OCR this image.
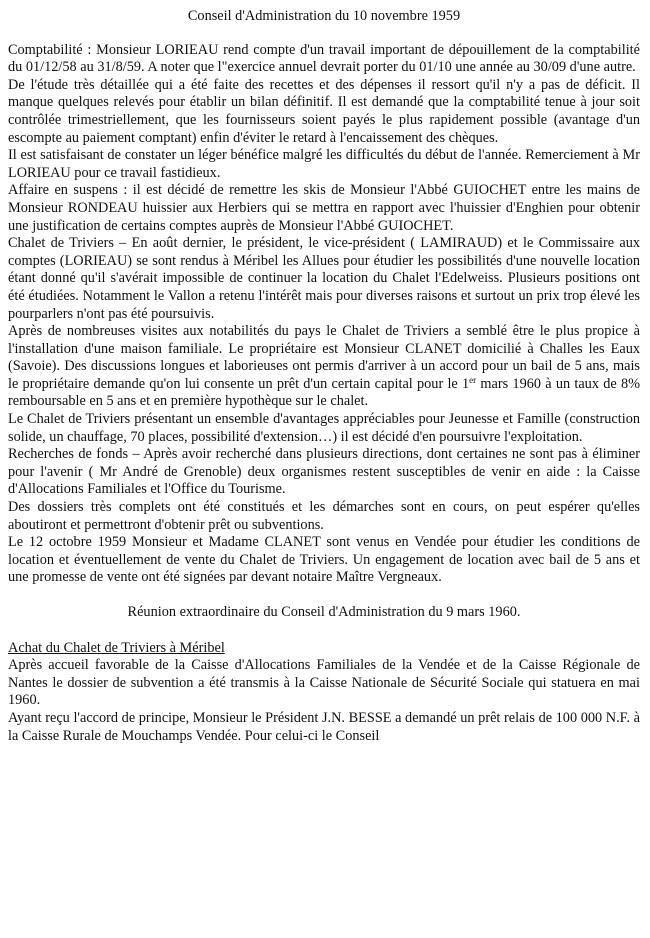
Conseil d'Administration du 10 novembre 1959

Comptabilité : Monsieur LORIEAU rend compte d'un travail important de dépouillement de la comptabilité du 01/12/58 au 31/8/59. A noter que l"exercice annuel devrait porter du 01/10 une année au 30/09 d'une autre.

De l'étude très détaillée qui a été faite des recettes et des dépenses il ressort qu'il n'y a pas de déficit. Il manque quelques relevés pour établir un bilan définitif. Il est demandé que la comptabilité tenue à jour soit contrôlée trimestriellement, que les fournisseurs soient payés le plus rapidement possible (avantage d'un escompte au paiement comptant) enfin d'éviter le retard à l'encaissement des chèques.

Il est satisfaisant de constater un léger bénéfice malgré les difficultés du début de l'année. Remerciement à Mr LORIEAU pour ce travail fastidieux.

Affaire en suspens : il est décidé de remettre les skis de Monsieur l'Abbé GUIOCHET entre les mains de Monsieur RONDEAU huissier aux Herbiers qui se mettra en rapport avec l'huissier d'Enghien pour obtenir une justification de certains comptes auprès de Monsieur l'Abbé GUIOCHET.

Chalet de Triviers – En août dernier, le président, le vice-président ( LAMIRAUD) et le Commissaire aux comptes (LORIEAU) se sont rendus à Méribel les Allues pour étudier les possibilités d'une nouvelle location étant donné qu'il s'avérait impossible de continuer la location du Chalet l'Edelweiss. Plusieurs positions ont été étudiées. Notamment le Vallon a retenu l'intérêt mais pour diverses raisons et surtout un prix trop élevé les pourparlers n'ont pas été poursuivis.

Après de nombreuses visites aux notabilités du pays le Chalet de Triviers a semblé être le plus propice à l'installation d'une maison familiale. Le propriétaire est Monsieur CLANET domicilié à Challes les Eaux (Savoie). Des discussions longues et laborieuses ont permis d'arriver à un accord pour un bail de 5 ans, mais le propriétaire demande qu'on lui consente un prêt d'un certain capital pour le 1er mars 1960 à un taux de 8% remboursable en 5 ans et en première hypothèque sur le chalet.

Le Chalet de Triviers présentant un ensemble d'avantages appréciables pour Jeunesse et Famille (construction solide, un chauffage, 70 places, possibilité d'extension…) il est décidé d'en poursuivre l'exploitation.

Recherches de fonds – Après avoir recherché dans plusieurs directions, dont certaines ne sont pas à éliminer pour l'avenir ( Mr André de Grenoble) deux organismes restent susceptibles de venir en aide : la Caisse d'Allocations Familiales et l'Office du Tourisme.

Des dossiers très complets ont été constitués et les démarches sont en cours, on peut espérer qu'elles aboutiront et permettront d'obtenir prêt ou subventions.

Le 12 octobre 1959 Monsieur et Madame CLANET sont venus en Vendée pour étudier les conditions de location et éventuellement de vente du Chalet de Triviers. Un engagement de location avec bail de 5 ans et une promesse de vente ont été signées par devant notaire Maître Vergneaux.

Réunion extraordinaire du Conseil d'Administration du 9 mars 1960.

Achat du Chalet de Triviers à Méribel

Après accueil favorable de la Caisse d'Allocations Familiales de la Vendée et de la Caisse Régionale de Nantes le dossier de subvention a été transmis à la Caisse Nationale de Sécurité Sociale qui statuera en mai 1960.

Ayant reçu l'accord de principe, Monsieur le Président J.N. BESSE a demandé un prêt relais de 100 000 N.F. à la Caisse Rurale de Mouchamps Vendée. Pour celui-ci le Conseil
